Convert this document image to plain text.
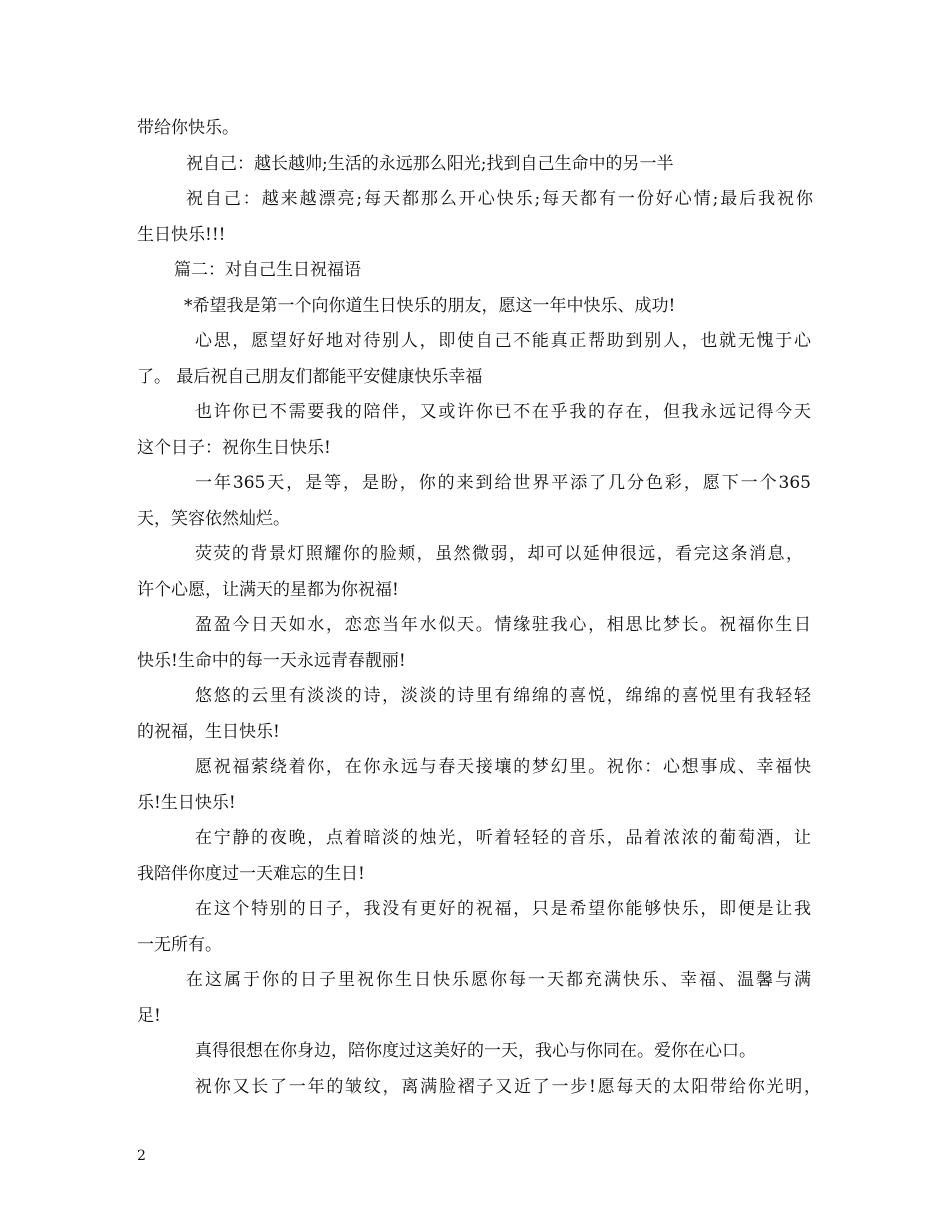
带给你快乐。
祝自己：越长越帅;生活的永远那么阳光;找到自己生命中的另一半
祝自己：越来越漂亮;每天都那么开心快乐;每天都有一份好心情;最后我祝你
生日快乐!!!
篇二：对自己生日祝福语
*希望我是第一个向你道生日快乐的朋友，愿这一年中快乐、成功!
心思，愿望好好地对待别人，即使自己不能真正帮助到别人，也就无愧于心
了。 最后祝自己朋友们都能平安健康快乐幸福
也许你已不需要我的陪伴，又或许你已不在乎我的存在，但我永远记得今天
这个日子：祝你生日快乐!
一年365天，是等，是盼，你的来到给世界平添了几分色彩，愿下一个365
天，笑容依然灿烂。
荧荧的背景灯照耀你的脸颊，虽然微弱，却可以延伸很远，看完这条消息，
许个心愿，让满天的星都为你祝福!
盈盈今日天如水，恋恋当年水似天。情缘驻我心，相思比梦长。祝福你生日
快乐!生命中的每一天永远青春靓丽!
悠悠的云里有淡淡的诗，淡淡的诗里有绵绵的喜悦，绵绵的喜悦里有我轻轻
的祝福，生日快乐!
愿祝福萦绕着你，在你永远与春天接壤的梦幻里。祝你：心想事成、幸福快
乐!生日快乐!
在宁静的夜晚，点着暗淡的烛光，听着轻轻的音乐，品着浓浓的葡萄酒，让
我陪伴你度过一天难忘的生日!
在这个特别的日子，我没有更好的祝福，只是希望你能够快乐，即便是让我
一无所有。
在这属于你的日子里祝你生日快乐愿你每一天都充满快乐、幸福、温馨与满
足!
真得很想在你身边，陪你度过这美好的一天，我心与你同在。爱你在心口。
祝你又长了一年的皱纹，离满脸褶子又近了一步!愿每天的太阳带给你光明，
2
